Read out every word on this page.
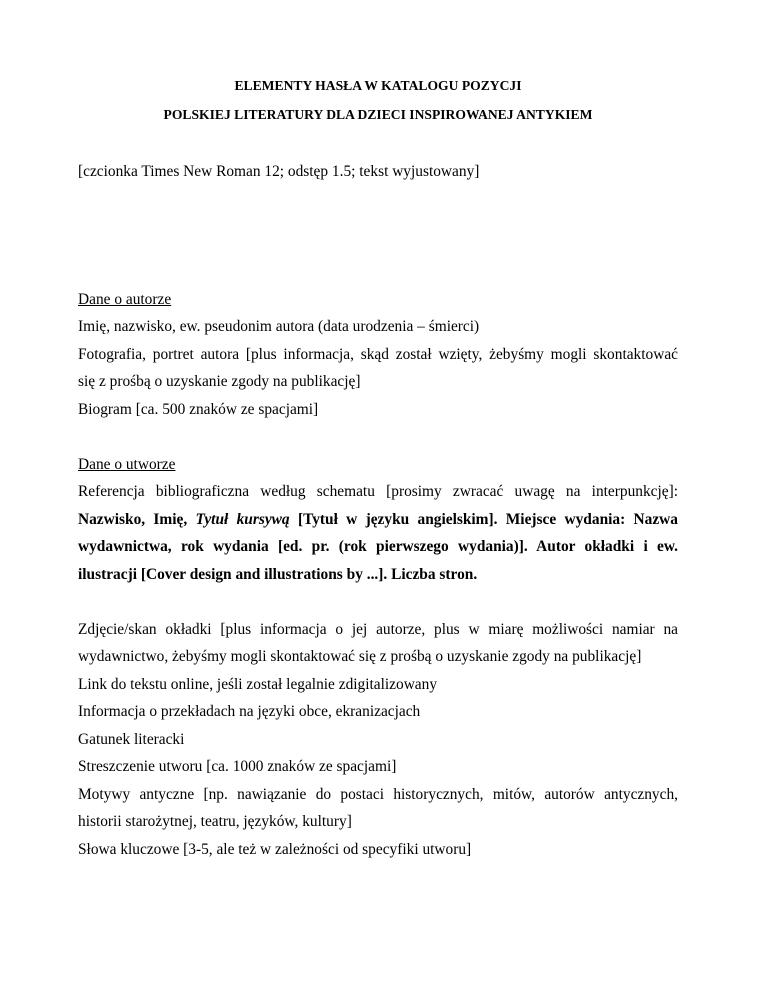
ELEMENTY HASŁA W KATALOGU POZYCJI
POLSKIEJ LITERATURY DLA DZIECI INSPIROWANEJ ANTYKIEM
[czcionka Times New Roman 12; odstęp 1.5; tekst wyjustowany]
Dane o autorze
Imię, nazwisko, ew. pseudonim autora (data urodzenia – śmierci)
Fotografia, portret autora [plus informacja, skąd został wzięty, żebyśmy mogli skontaktować
się z prośbą o uzyskanie zgody na publikację]
Biogram [ca. 500 znaków ze spacjami]
Dane o utworze
Referencja bibliograficzna według schematu [prosimy zwracać uwagę na interpunkcję]:
Nazwisko, Imię, Tytuł kursywą [Tytuł w języku angielskim]. Miejsce wydania: Nazwa
wydawnictwa, rok wydania [ed. pr. (rok pierwszego wydania)]. Autor okładki i ew.
ilustracji [Cover design and illustrations by ...]. Liczba stron.
Zdjęcie/skan okładki [plus informacja o jej autorze, plus w miarę możliwości namiar na
wydawnictwo, żebyśmy mogli skontaktować się z prośbą o uzyskanie zgody na publikację]
Link do tekstu online, jeśli został legalnie zdigitalizowany
Informacja o przekładach na języki obce, ekranizacjach
Gatunek literacki
Streszczenie utworu [ca. 1000 znaków ze spacjami]
Motywy antyczne [np. nawiązanie do postaci historycznych, mitów, autorów antycznych,
historii starożytnej, teatru, języków, kultury]
Słowa kluczowe [3-5, ale też w zależności od specyfiki utworu]
